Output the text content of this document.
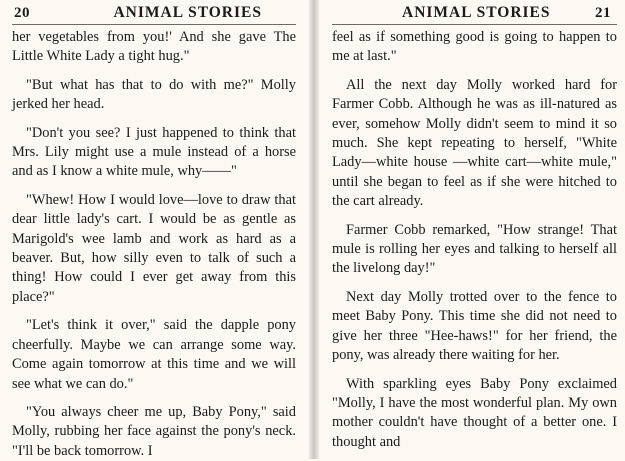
20	ANIMAL STORIES

her vegetables from you!' And she gave The Little White Lady a tight hug."

"But what has that to do with me?" Molly jerked her head.

"Don't you see? I just happened to think that Mrs. Lily might use a mule instead of a horse and as I know a white mule, why——"

"Whew! How I would love—love to draw that dear little lady's cart. I would be as gentle as Marigold's wee lamb and work as hard as a beaver. But, how silly even to talk of such a thing! How could I ever get away from this place?"

"Let's think it over," said the dapple pony cheerfully. Maybe we can arrange some way. Come again tomorrow at this time and we will see what we can do."

"You always cheer me up, Baby Pony," said Molly, rubbing her face against the pony's neck. "I'll be back tomorrow. I

ANIMAL STORIES	21

feel as if something good is going to happen to me at last."

All the next day Molly worked hard for Farmer Cobb. Although he was as ill-natured as ever, somehow Molly didn't seem to mind it so much. She kept repeating to herself, "White Lady—white house —white cart—white mule," until she began to feel as if she were hitched to the cart already.

Farmer Cobb remarked, "How strange! That mule is rolling her eyes and talking to herself all the livelong day!"

Next day Molly trotted over to the fence to meet Baby Pony. This time she did not need to give her three "Hee-haws!" for her friend, the pony, was already there waiting for her.

With sparkling eyes Baby Pony exclaimed "Molly, I have the most wonderful plan. My own mother couldn't have thought of a better one. I thought and
